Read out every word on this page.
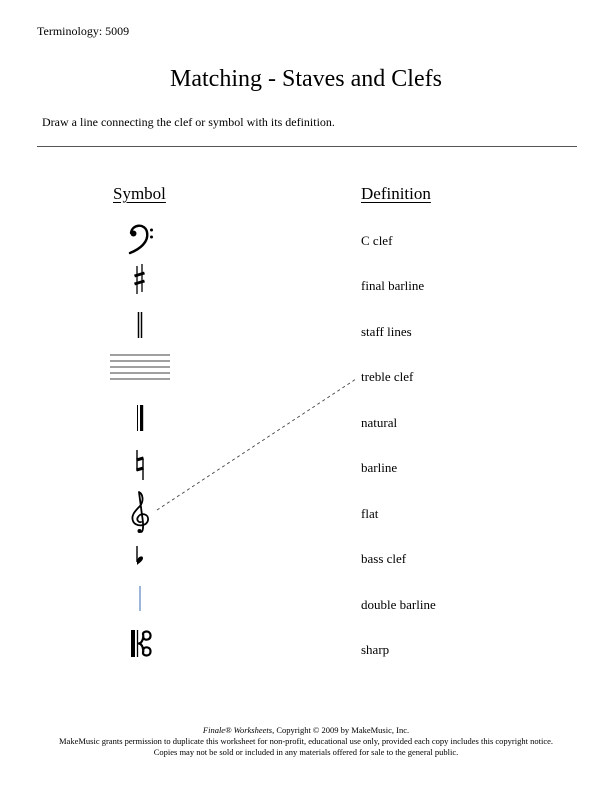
Terminology: 5009
Matching - Staves and Clefs
Draw a line connecting the clef or symbol with its definition.
Symbol	Definition
C clef
final barline
staff lines
treble clef
natural
barline
flat
bass clef
double barline
sharp
Finale® Worksheets, Copyright © 2009 by MakeMusic, Inc.
MakeMusic grants permission to duplicate this worksheet for non-profit, educational use only, provided each copy includes this copyright notice.
Copies may not be sold or included in any materials offered for sale to the general public.
